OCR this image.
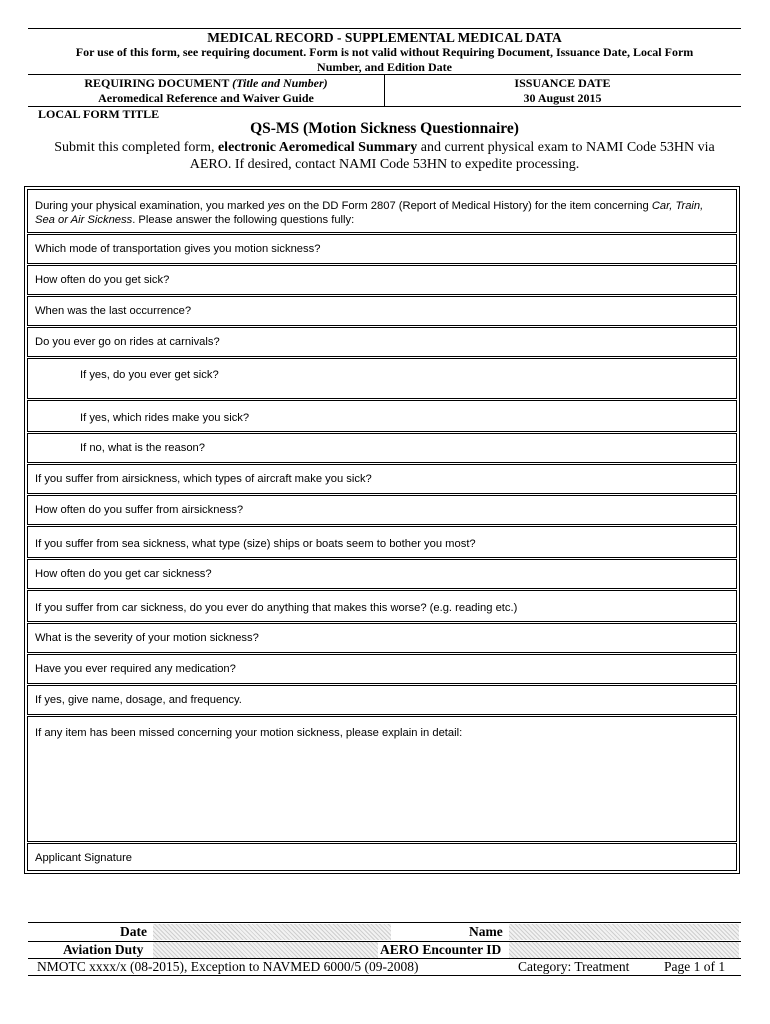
MEDICAL RECORD - SUPPLEMENTAL MEDICAL DATA
For use of this form, see requiring document. Form is not valid without Requiring Document, Issuance Date, Local Form
Number, and Edition Date
REQUIRING DOCUMENT (Title and Number)
Aeromedical Reference and Waiver Guide
ISSUANCE DATE
30 August 2015
LOCAL FORM TITLE
QS-MS (Motion Sickness Questionnaire)
Submit this completed form, electronic Aeromedical Summary and current physical exam to NAMI Code 53HN via
AERO. If desired, contact NAMI Code 53HN to expedite processing.
During your physical examination, you marked yes on the DD Form 2807 (Report of Medical History) for the item concerning Car, Train,
Sea or Air Sickness. Please answer the following questions fully:
Which mode of transportation gives you motion sickness?
How often do you get sick?
When was the last occurrence?
Do you ever go on rides at carnivals?
If yes, do you ever get sick?
If yes, which rides make you sick?
If no, what is the reason?
If you suffer from airsickness, which types of aircraft make you sick?
How often do you suffer from airsickness?
If you suffer from sea sickness, what type (size) ships or boats seem to bother you most?
How often do you get car sickness?
If you suffer from car sickness, do you ever do anything that makes this worse? (e.g. reading etc.)
What is the severity of your motion sickness?
Have you ever required any medication?
If yes, give name, dosage, and frequency.
If any item has been missed concerning your motion sickness, please explain in detail:
Applicant Signature
Date	Name
Aviation Duty	AERO Encounter ID
NMOTC xxxx/x (08-2015), Exception to NAVMED 6000/5 (09-2008)	Category: Treatment	Page 1 of 1
